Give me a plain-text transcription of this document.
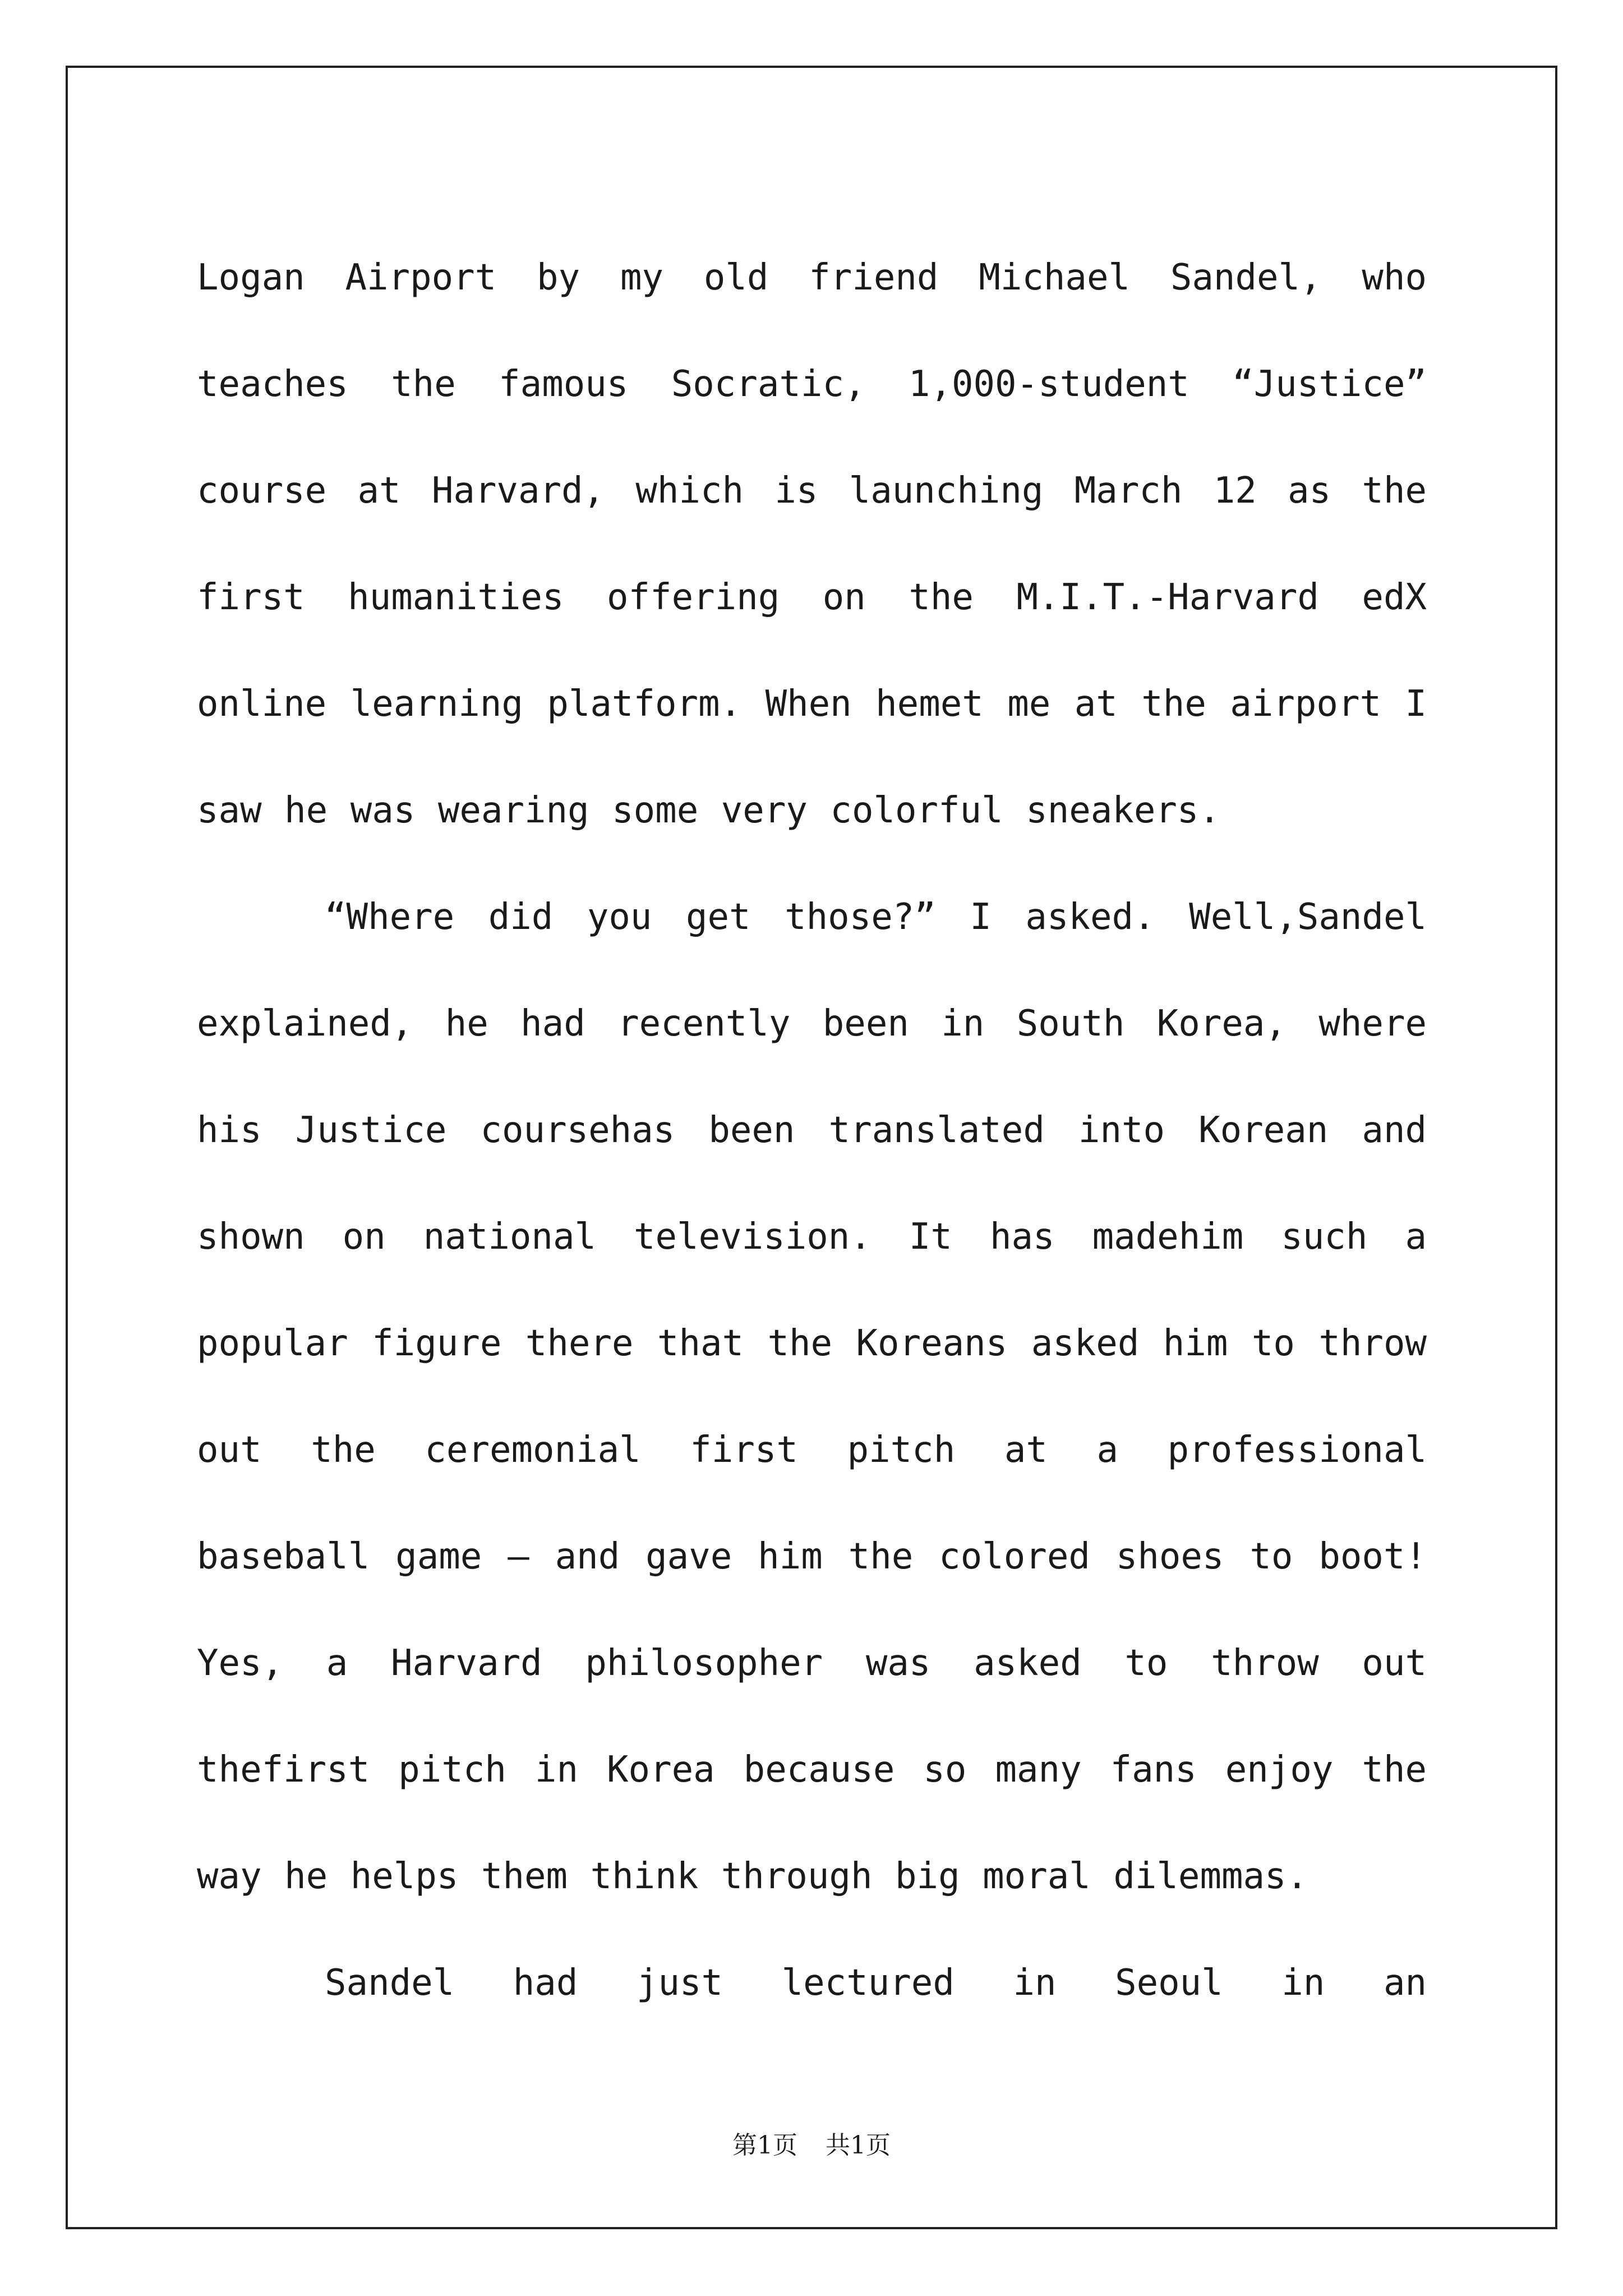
Logan Airport by my old friend Michael Sandel, who teaches the famous Socratic, 1,000-student “Justice” course at Harvard, which is launching March 12 as the first humanities offering on the M.I.T.-Harvard edX online learning platform. When hemet me at the airport I saw he was wearing some very colorful sneakers.

“Where did you get those?” I asked. Well,Sandel explained, he had recently been in South Korea, where his Justice coursehas been translated into Korean and shown on national television. It has madehim such a popular figure there that the Koreans asked him to throw out the ceremonial first pitch at a professional baseball game — and gave him the colored shoes to boot! Yes, a Harvard philosopher was asked to throw out thefirst pitch in Korea because so many fans enjoy the way he helps them think through big moral dilemmas.

Sandel had just lectured in Seoul in an

第1页 共1页
